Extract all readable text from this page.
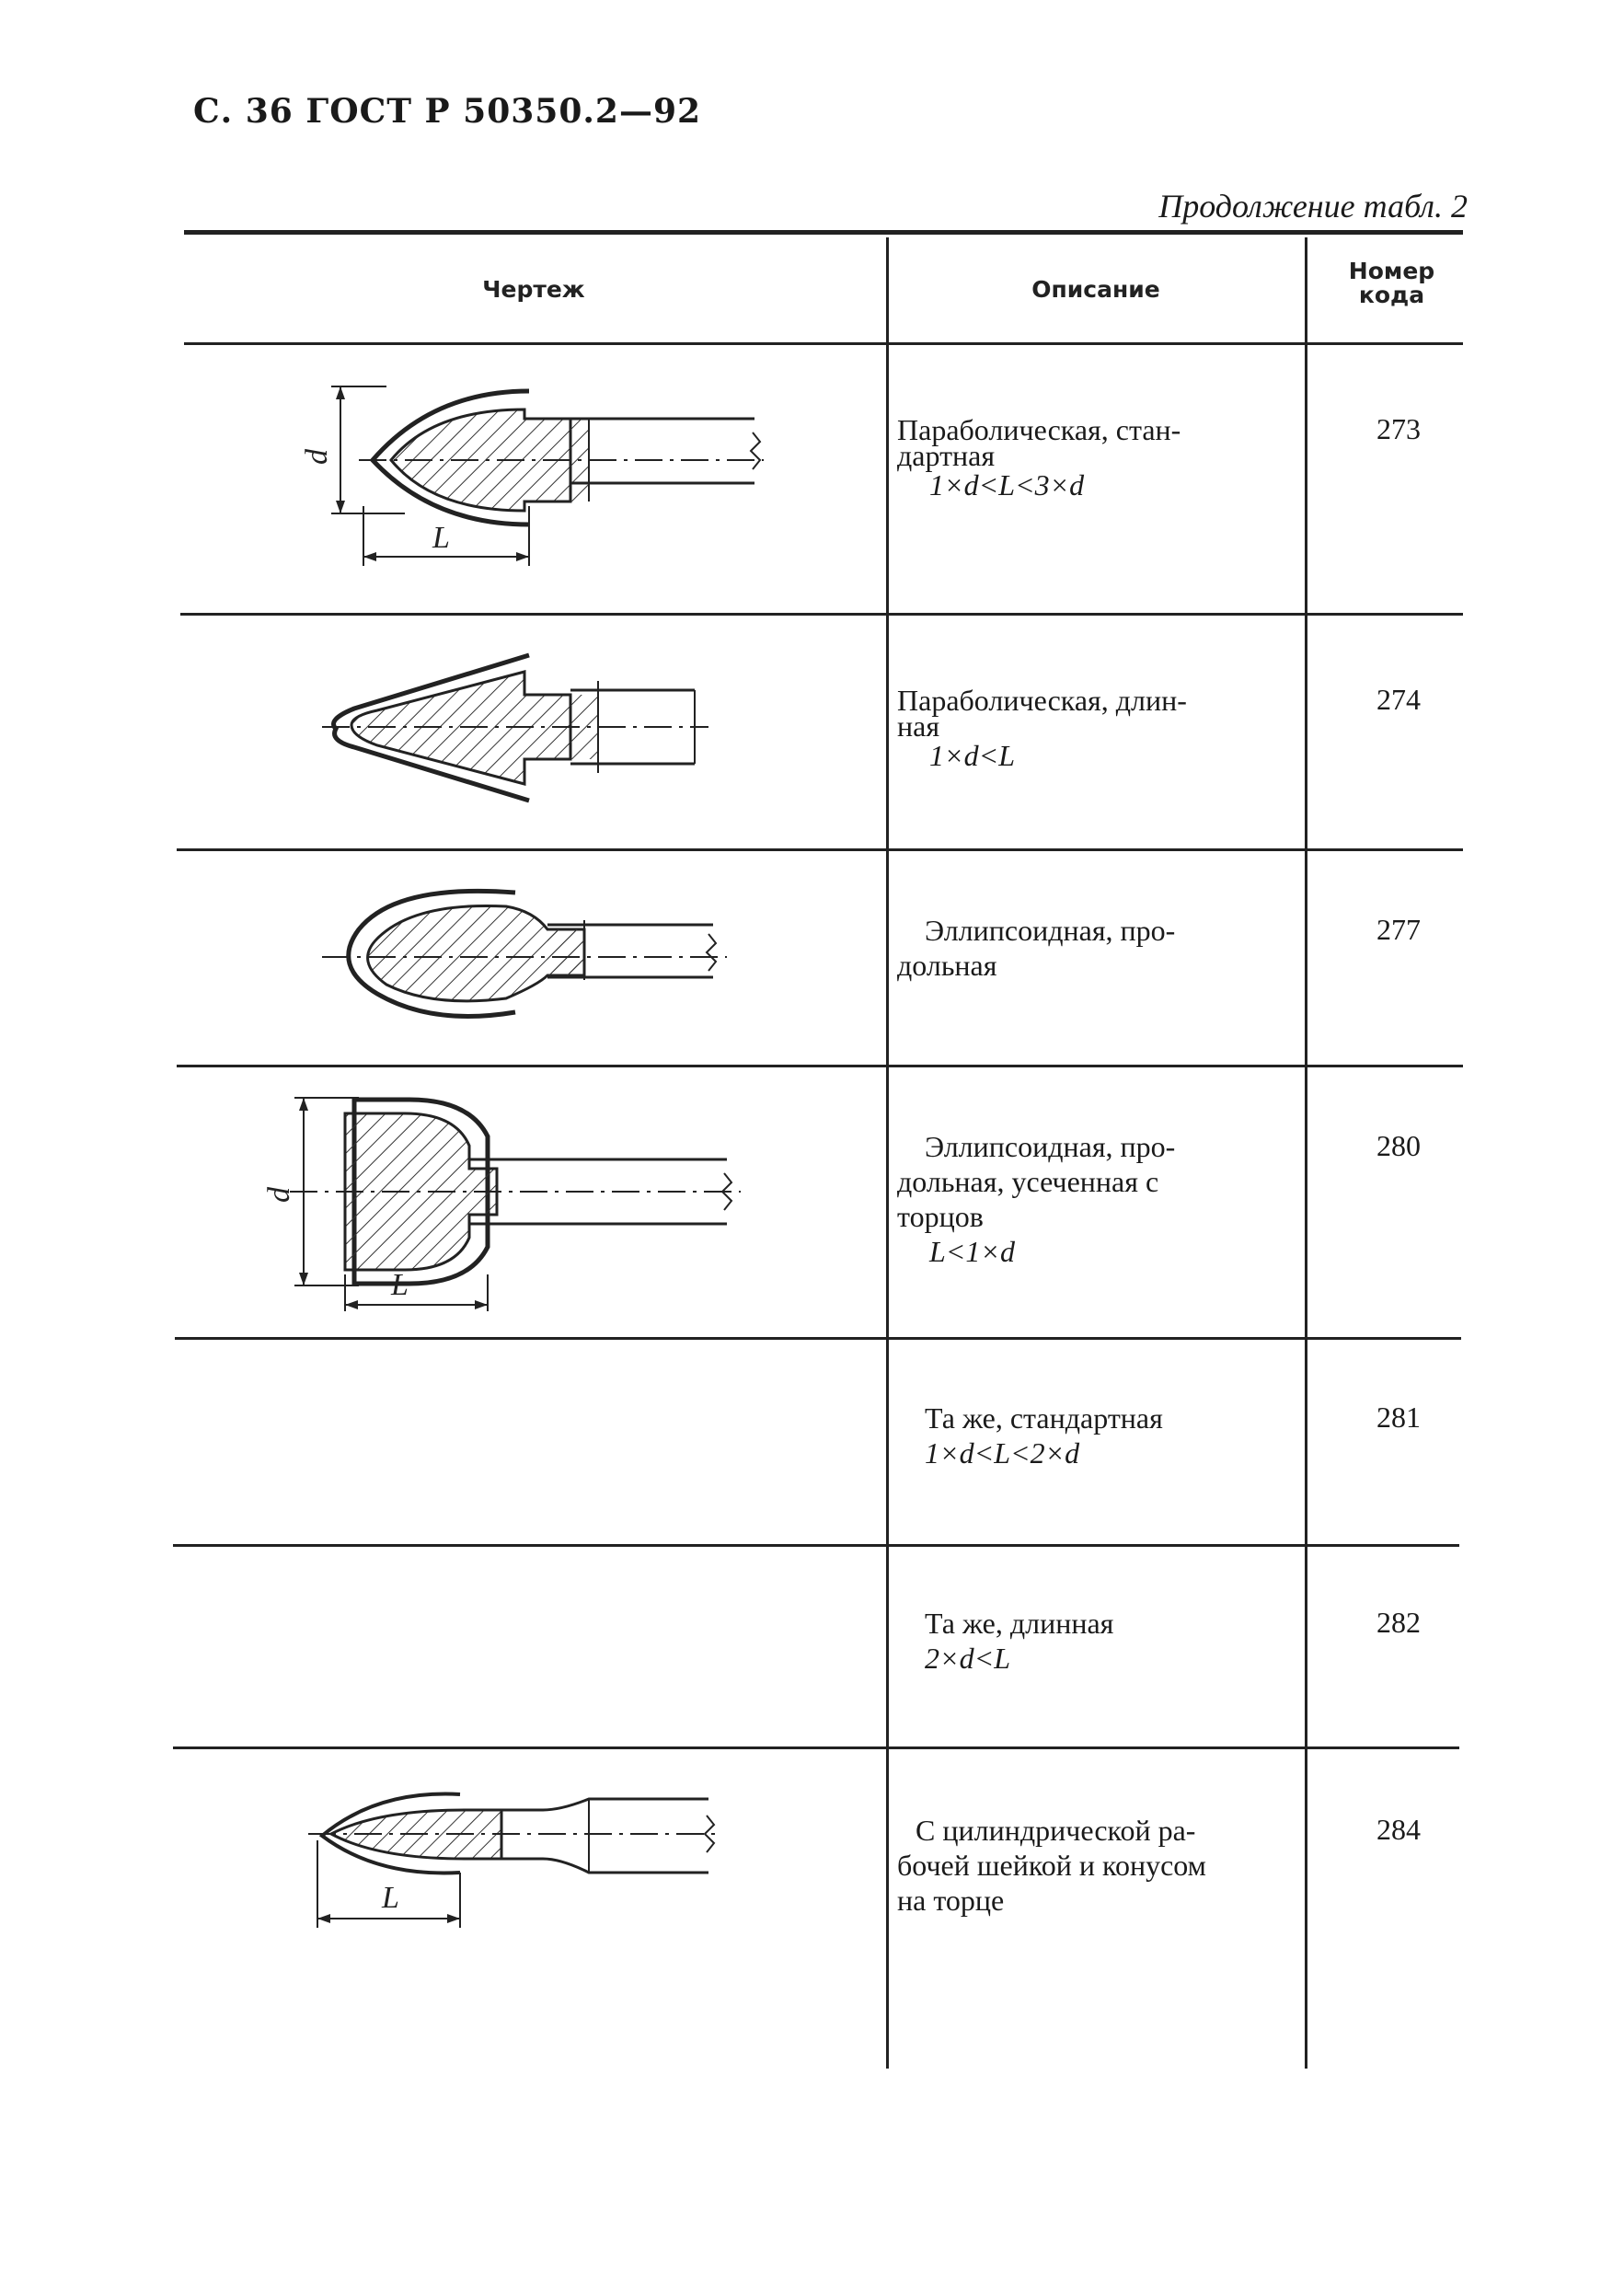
С. 36 ГОСТ Р 50350.2—92
Продолжение табл. 2
Чертеж	Описание
Номер
кода
d
L
d
L
L
Параболическая, стан-
дартная
1×d<L<3×d
Параболическая, длин-
ная
1×d<L
Эллипсоидная, про-
дольная
Эллипсоидная, про-
дольная, усеченная с
торцов
L<1×d
Та же, стандартная
1×d<L<2×d
Та же, длинная
2×d<L
С цилиндрической ра-
бочей шейкой и конусом
на торце
273
274
277
280
281
282
284
